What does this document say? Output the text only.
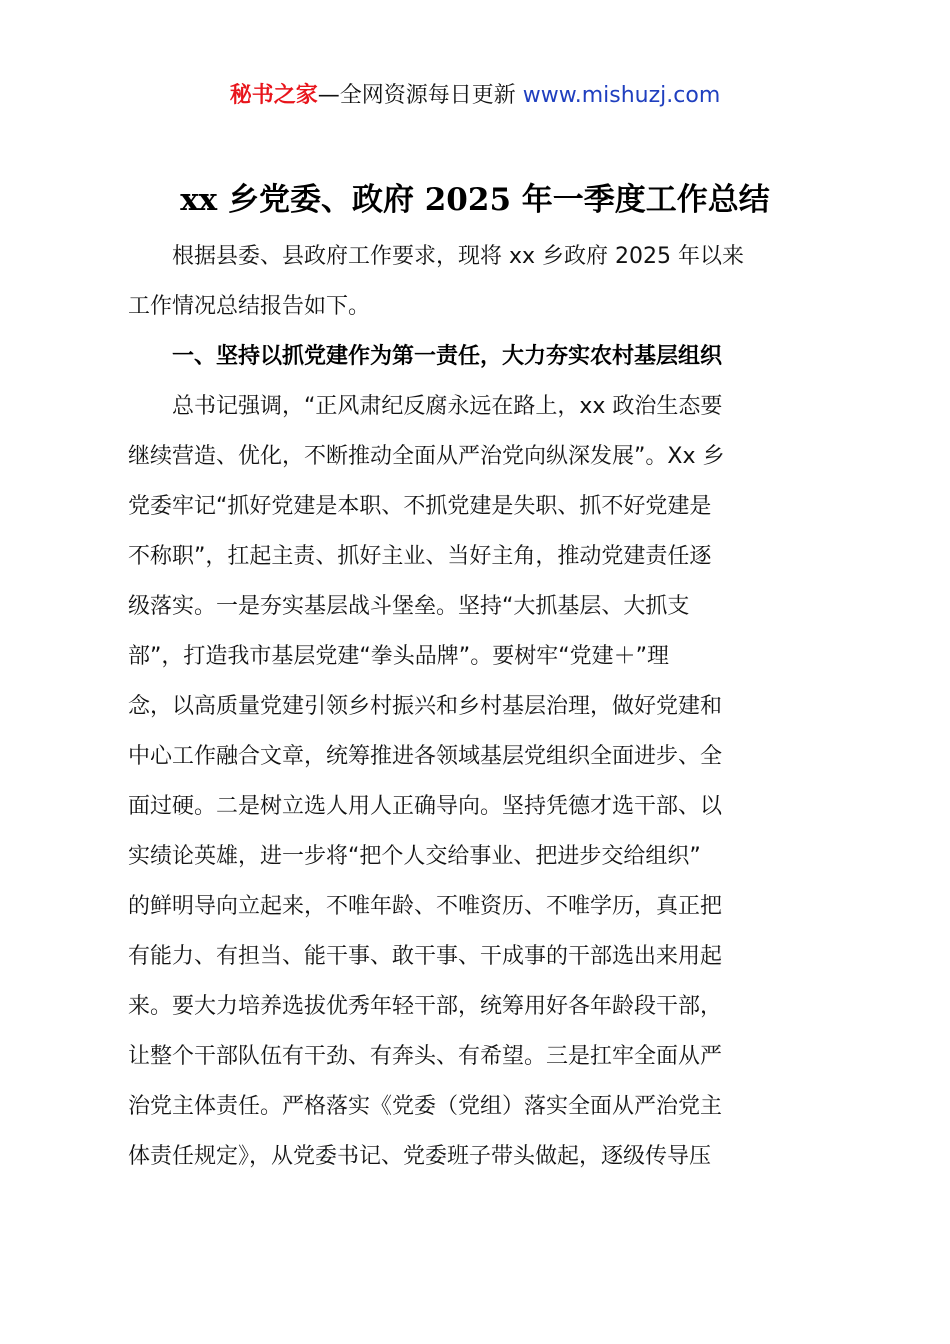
秘书之家—全网资源每日更新 www.mishuzj.com
xx 乡党委、政府 2025 年一季度工作总结
　　根据县委、县政府工作要求，现将 xx 乡政府 2025 年以来
工作情况总结报告如下。
　　一、坚持以抓党建作为第一责任，大力夯实农村基层组织
　　总书记强调，“正风肃纪反腐永远在路上，xx 政治生态要
继续营造、优化，不断推动全面从严治党向纵深发展”。Xx 乡
党委牢记“抓好党建是本职、不抓党建是失职、抓不好党建是
不称职”，扛起主责、抓好主业、当好主角，推动党建责任逐
级落实。一是夯实基层战斗堡垒。坚持“大抓基层、大抓支
部”，打造我市基层党建“拳头品牌”。要树牢“党建＋”理
念，以高质量党建引领乡村振兴和乡村基层治理，做好党建和
中心工作融合文章，统筹推进各领域基层党组织全面进步、全
面过硬。二是树立选人用人正确导向。坚持凭德才选干部、以
实绩论英雄，进一步将“把个人交给事业、把进步交给组织”
的鲜明导向立起来，不唯年龄、不唯资历、不唯学历，真正把
有能力、有担当、能干事、敢干事、干成事的干部选出来用起
来。要大力培养选拔优秀年轻干部，统筹用好各年龄段干部，
让整个干部队伍有干劲、有奔头、有希望。三是扛牢全面从严
治党主体责任。严格落实《党委（党组）落实全面从严治党主
体责任规定》，从党委书记、党委班子带头做起，逐级传导压
